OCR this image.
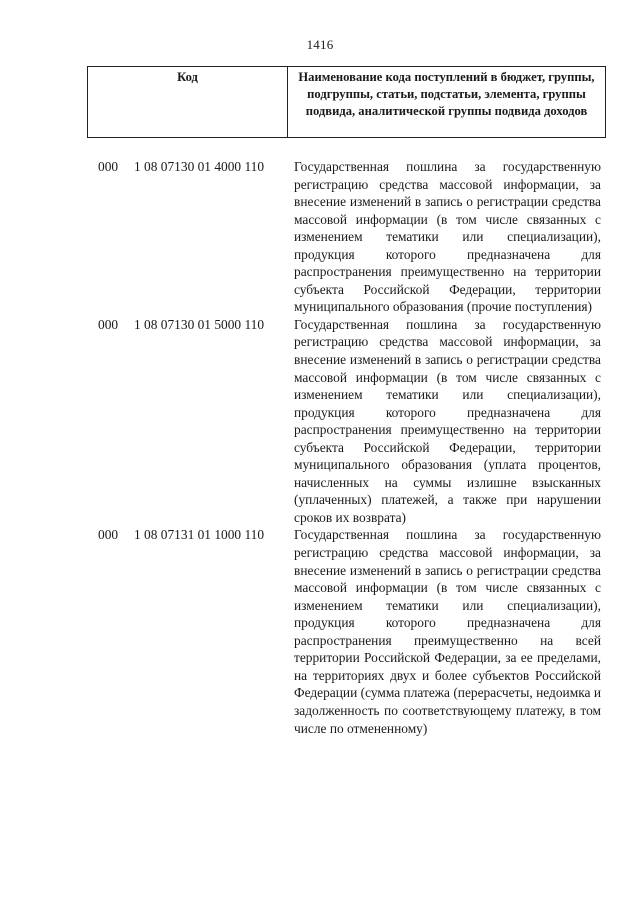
1416
Код	Наименование кода поступлений в бюджет, группы, подгруппы, статьи, подстатьи, элемента, группы подвида, аналитической группы подвида доходов
000 1 08 07130 01 4000 110 Государственная пошлина за государственную регистрацию средства массовой информации, за внесение изменений в запись о регистрации средства массовой информации (в том числе связанных с изменением тематики или специализации), продукция которого предназначена для распространения преимущественно на территории субъекта Российской Федерации, территории муниципального образования (прочие поступления)
000 1 08 07130 01 5000 110 Государственная пошлина за государственную регистрацию средства массовой информации, за внесение изменений в запись о регистрации средства массовой информации (в том числе связанных с изменением тематики или специализации), продукция которого предназначена для распространения преимущественно на территории субъекта Российской Федерации, территории муниципального образования (уплата процентов, начисленных на суммы излишне взысканных (уплаченных) платежей, а также при нарушении сроков их возврата)
000 1 08 07131 01 1000 110 Государственная пошлина за государственную регистрацию средства массовой информации, за внесение изменений в запись о регистрации средства массовой информации (в том числе связанных с изменением тематики или специализации), продукция которого предназначена для распространения преимущественно на всей территории Российской Федерации, за ее пределами, на территориях двух и более субъектов Российской Федерации (сумма платежа (перерасчеты, недоимка и задолженность по соответствующему платежу, в том числе по отмененному)
